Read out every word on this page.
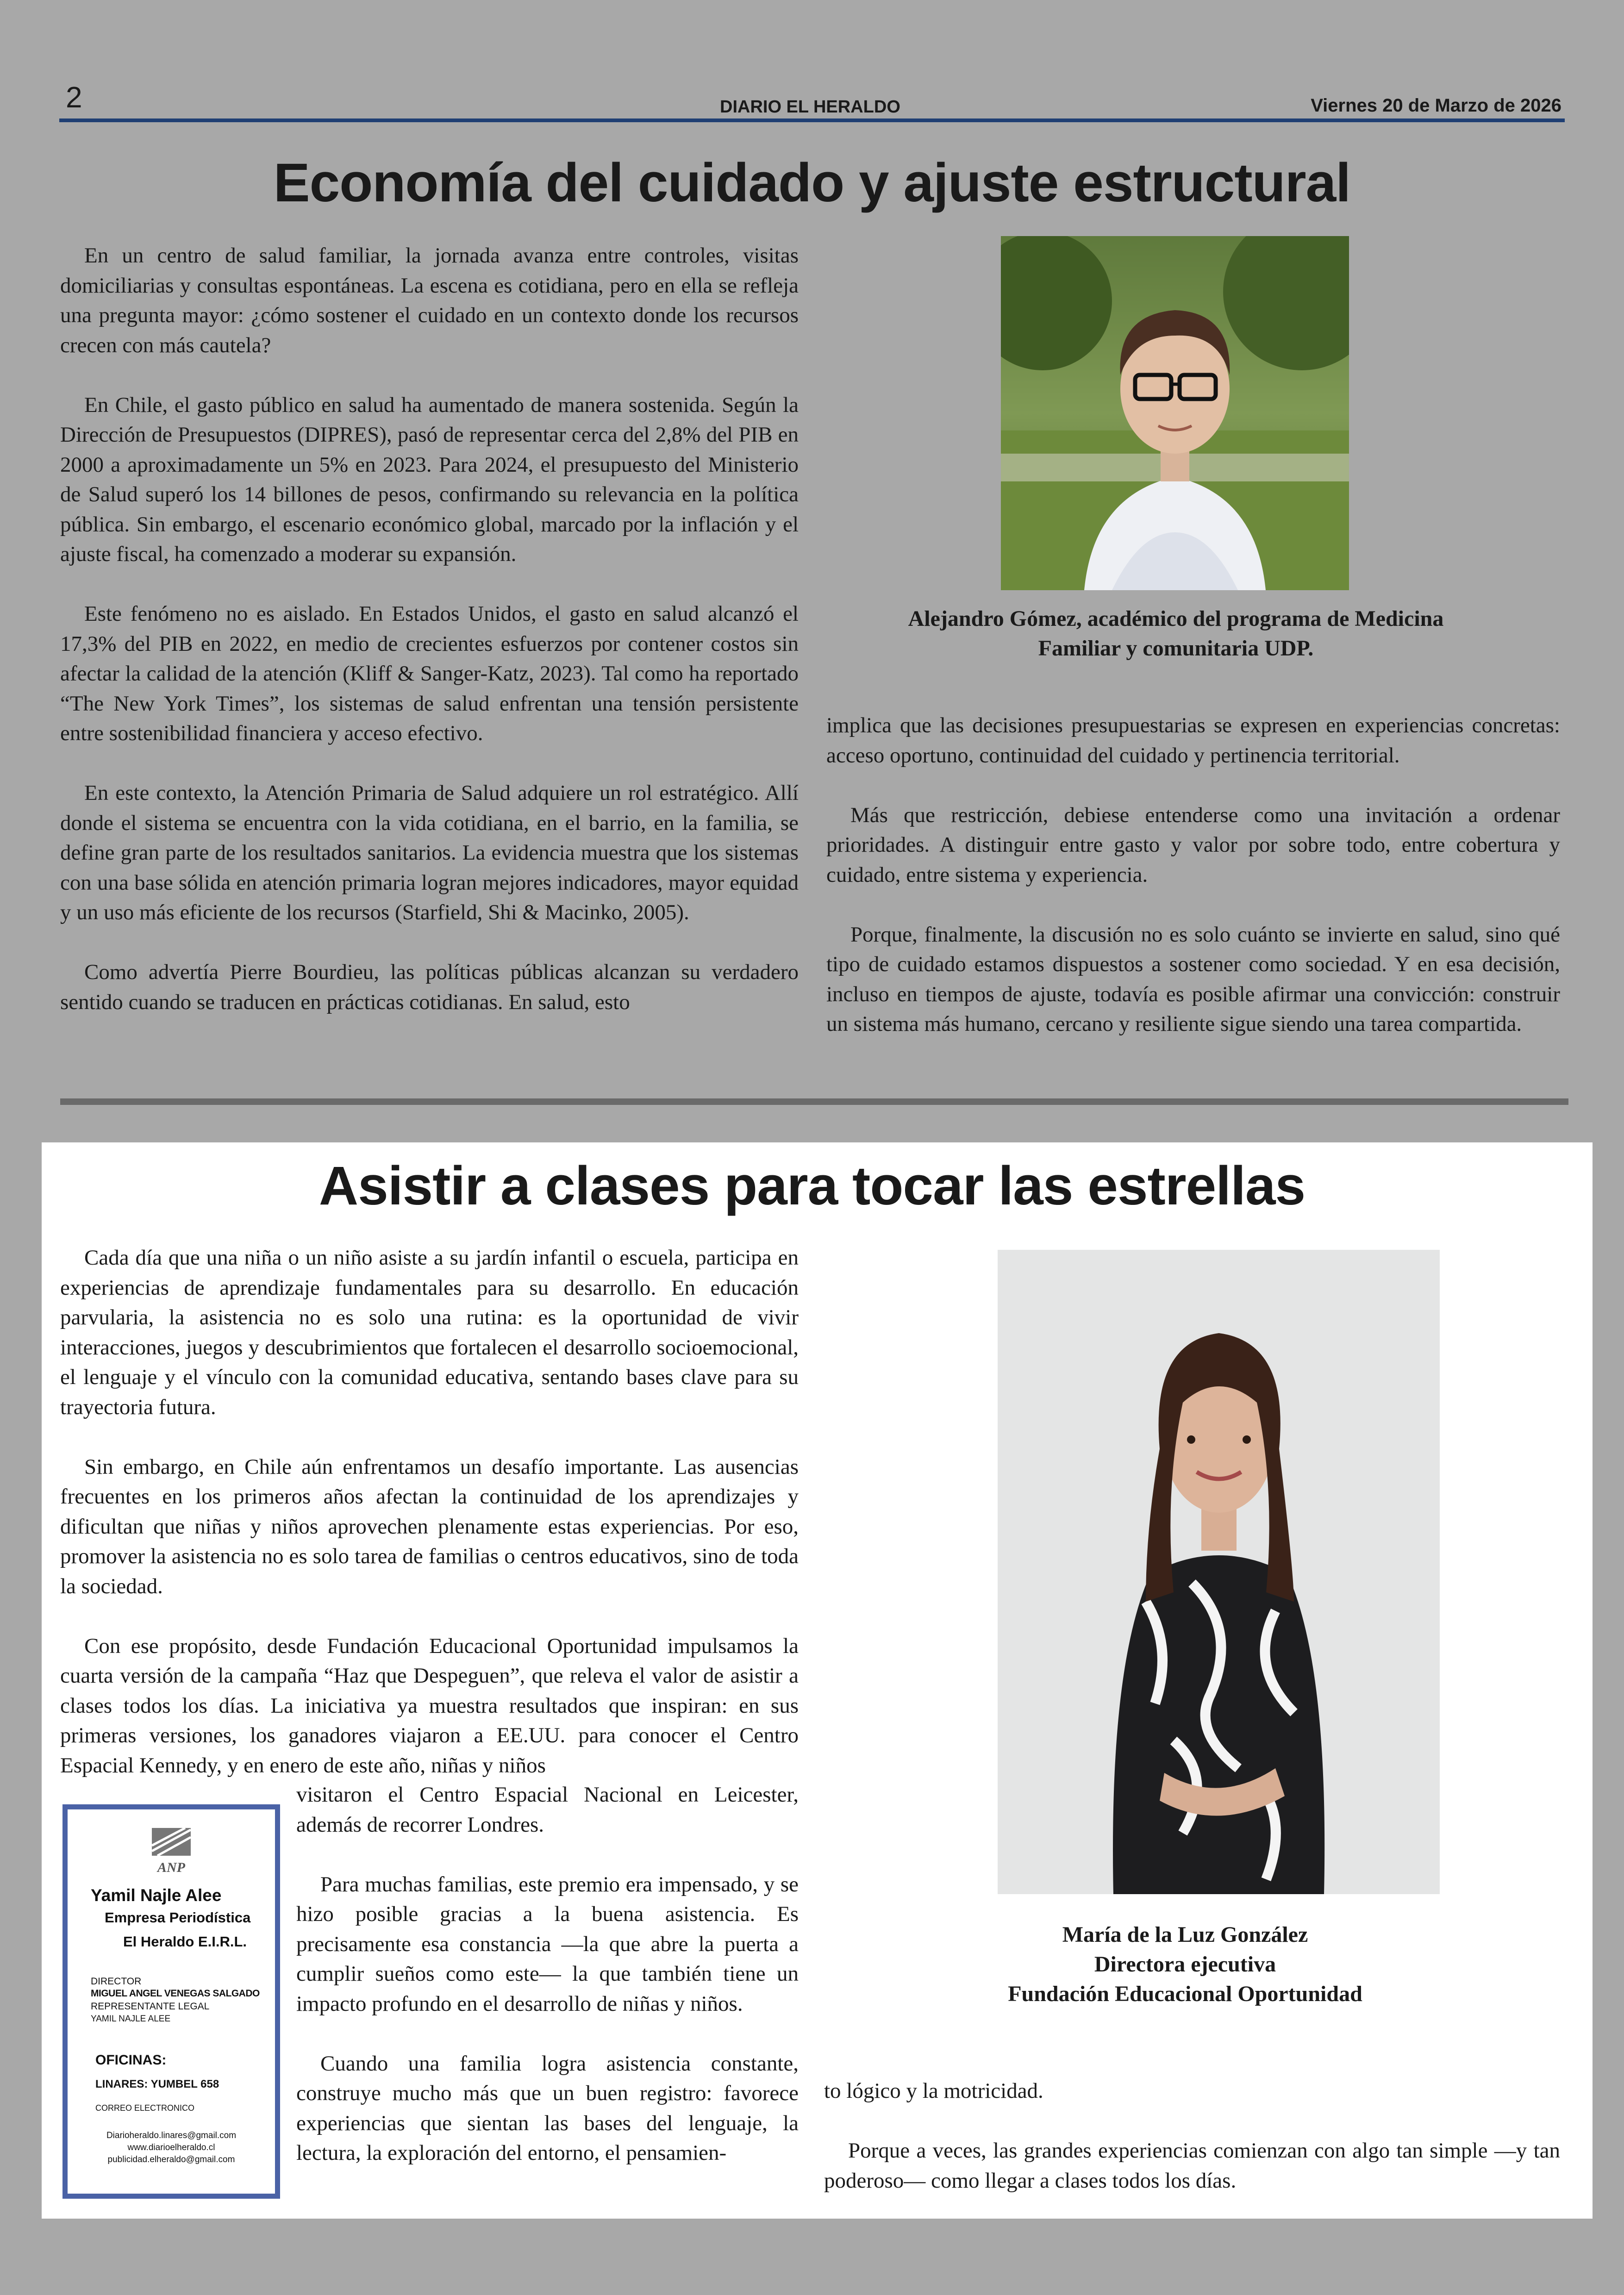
2	DIARIO EL HERALDO	Viernes 20 de Marzo de 2026
Economía del cuidado y ajuste estructural

En un centro de salud familiar, la jornada avanza entre controles, visitas domiciliarias y consultas espontáneas. La escena es cotidiana, pero en ella se refleja una pregunta mayor: ¿cómo sostener el cuidado en un contexto donde los recursos crecen con más cautela?

En Chile, el gasto público en salud ha aumentado de manera sostenida. Según la Dirección de Presupuestos (DIPRES), pasó de representar cerca del 2,8% del PIB en 2000 a aproximadamente un 5% en 2023. Para 2024, el presupuesto del Ministerio de Salud superó los 14 billones de pesos, confirmando su relevancia en la política pública. Sin embargo, el escenario económico global, marcado por la inflación y el ajuste fiscal, ha comenzado a moderar su expansión.

Este fenómeno no es aislado. En Estados Unidos, el gasto en salud alcanzó el 17,3% del PIB en 2022, en medio de crecientes esfuerzos por contener costos sin afectar la calidad de la atención (Kliff & Sanger-Katz, 2023). Tal como ha reportado “The New York Times”, los sistemas de salud enfrentan una tensión persistente entre sostenibilidad financiera y acceso efectivo.

En este contexto, la Atención Primaria de Salud adquiere un rol estratégico. Allí donde el sistema se encuentra con la vida cotidiana, en el barrio, en la familia, se define gran parte de los resultados sanitarios. La evidencia muestra que los sistemas con una base sólida en atención primaria logran mejores indicadores, mayor equidad y un uso más eficiente de los recursos (Starfield, Shi & Macinko, 2005).

Como advertía Pierre Bourdieu, las políticas públicas alcanzan su verdadero sentido cuando se traducen en prácticas cotidianas. En salud, esto

Alejandro Gómez, académico del programa de Medicina
Familiar y comunitaria UDP.

implica que las decisiones presupuestarias se expresen en experiencias concretas: acceso oportuno, continuidad del cuidado y pertinencia territorial.

Más que restricción, debiese entenderse como una invitación a ordenar prioridades. A distinguir entre gasto y valor por sobre todo, entre cobertura y cuidado, entre sistema y experiencia.

Porque, finalmente, la discusión no es solo cuánto se invierte en salud, sino qué tipo de cuidado estamos dispuestos a sostener como sociedad. Y en esa decisión, incluso en tiempos de ajuste, todavía es posible afirmar una convicción: construir un sistema más humano, cercano y resiliente sigue siendo una tarea compartida.

Asistir a clases para tocar las estrellas

Cada día que una niña o un niño asiste a su jardín infantil o escuela, participa en experiencias de aprendizaje fundamentales para su desarrollo. En educación parvularia, la asistencia no es solo una rutina: es la oportunidad de vivir interacciones, juegos y descubrimientos que fortalecen el desarrollo socioemocional, el lenguaje y el vínculo con la comunidad educativa, sentando bases clave para su trayectoria futura.

Sin embargo, en Chile aún enfrentamos un desafío importante. Las ausencias frecuentes en los primeros años afectan la continuidad de los aprendizajes y dificultan que niñas y niños aprovechen plenamente estas experiencias. Por eso, promover la asistencia no es solo tarea de familias o centros educativos, sino de toda la sociedad.

Con ese propósito, desde Fundación Educacional Oportunidad impulsamos la cuarta versión de la campaña “Haz que Despeguen”, que releva el valor de asistir a clases todos los días. La iniciativa ya muestra resultados que inspiran: en sus primeras versiones, los ganadores viajaron a EE.UU. para conocer el Centro Espacial Kennedy, y en enero de este año, niñas y niños

visitaron el Centro Espacial Nacional en Leicester, además de recorrer Londres.

Para muchas familias, este premio era impensado, y se hizo posible gracias a la buena asistencia. Es precisamente esa constancia —la que abre la puerta a cumplir sueños como este— la que también tiene un impacto profundo en el desarrollo de niñas y niños.

Cuando una familia logra asistencia constante, construye mucho más que un buen registro: favorece experiencias que sientan las bases del lenguaje, la lectura, la exploración del entorno, el pensamien-

María de la Luz González
Directora ejecutiva
Fundación Educacional Oportunidad

to lógico y la motricidad.

Porque a veces, las grandes experiencias comienzan con algo tan simple —y tan poderoso— como llegar a clases todos los días.

ANP
Yamil Najle Alee
Empresa Periodística
El Heraldo E.I.R.L.
DIRECTOR
MIGUEL ANGEL VENEGAS SALGADO
REPRESENTANTE LEGAL
YAMIL NAJLE ALEE
OFICINAS:
LINARES: YUMBEL 658
CORREO ELECTRONICO
Diarioheraldo.linares@gmail.com
www.diarioelheraldo.cl
publicidad.elheraldo@gmail.com
